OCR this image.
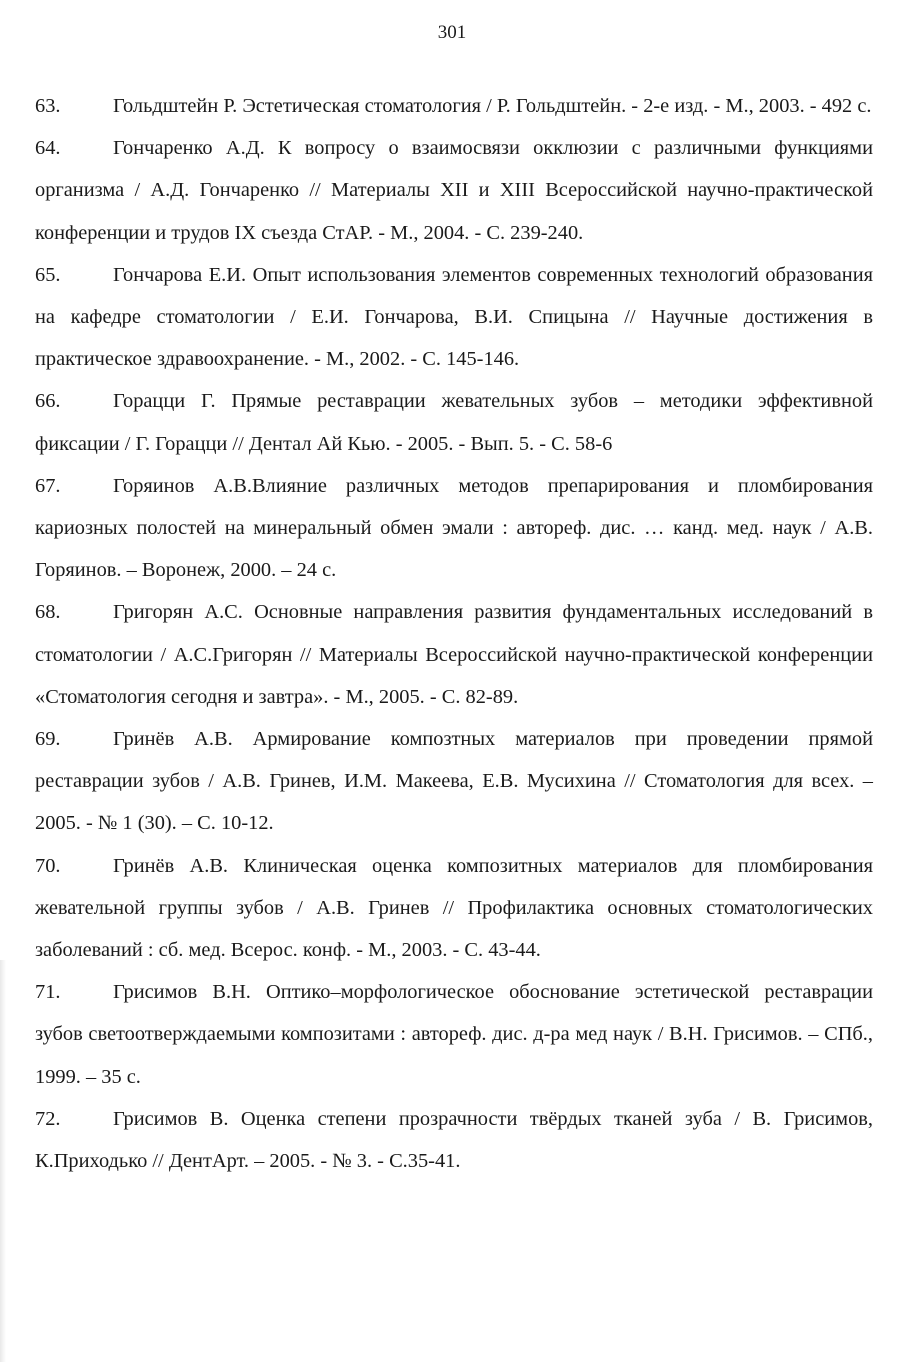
301

63.	Гольдштейн Р. Эстетическая стоматология / Р. Гольдштейн. - 2-е изд. - М., 2003. - 492 с.

64.	Гончаренко А.Д. К вопросу о взаимосвязи окклюзии с различными функциями организма / А.Д. Гончаренко // Материалы XII и XIII Всероссийской научно-практической конференции и трудов IX съезда СтАР. - М., 2004. - С. 239-240.

65.	Гончарова Е.И. Опыт использования элементов современных технологий образования на кафедре стоматологии / Е.И. Гончарова, В.И. Спицына // Научные достижения в практическое здравоохранение. - М., 2002. - С. 145-146.

66.	Горацци Г. Прямые реставрации жевательных зубов – методики эффективной фиксации / Г. Горацци // Дентал Ай Кью. - 2005. - Вып. 5. - С. 58-6

67.	Горяинов А.В.Влияние различных методов препарирования и пломбирования кариозных полостей на минеральный обмен эмали : автореф. дис. … канд. мед. наук / А.В. Горяинов. – Воронеж, 2000. – 24 с.

68.	Григорян А.С. Основные направления развития фундаментальных исследований в стоматологии / А.С.Григорян // Материалы Всероссийской научно-практической конференции «Стоматология сегодня и завтра». - М., 2005. - С. 82-89.

69.	Гринёв А.В. Армирование композтных материалов при проведении прямой реставрации зубов / А.В. Гринев, И.М. Макеева, Е.В. Мусихина // Стоматология для всех. – 2005. - № 1 (30). – С. 10-12.

70.	Гринёв А.В. Клиническая оценка композитных материалов для пломбирования жевательной группы зубов / А.В. Гринев // Профилактика основных стоматологических заболеваний : сб. мед. Всерос. конф. - М., 2003. - С. 43-44.

71.	Грисимов В.Н. Оптико–морфологическое обоснование эстетической реставрации зубов светоотверждаемыми композитами : автореф. дис. д-ра мед наук / В.Н. Грисимов. – СПб., 1999. – 35 с.

72.	Грисимов В. Оценка степени прозрачности твёрдых тканей зуба / В. Грисимов, К.Приходько // ДентАрт. – 2005. - № 3. - С.35-41.
